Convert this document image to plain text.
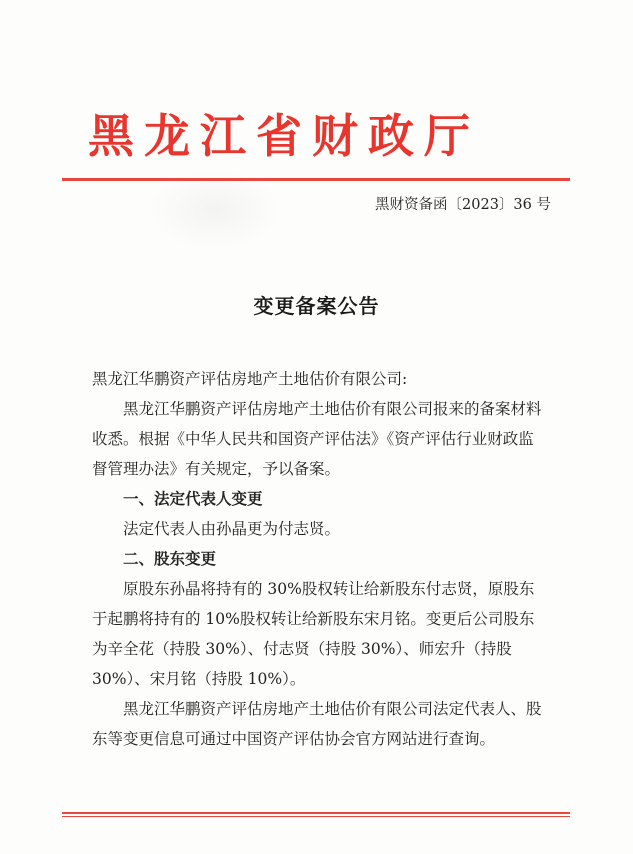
黑龙江省财政厅
黑财资备函〔2023〕36 号
变更备案公告
黑龙江华鹏资产评估房地产土地估价有限公司:

黑龙江华鹏资产评估房地产土地估价有限公司报来的备案材料收悉。根据《中华人民共和国资产评估法》《资产评估行业财政监督管理办法》有关规定，予以备案。

一、法定代表人变更

法定代表人由孙晶更为付志贤。

二、股东变更

原股东孙晶将持有的 30%股权转让给新股东付志贤，原股东于起鹏将持有的 10%股权转让给新股东宋月铭。变更后公司股东为辛全花（持股 30%）、付志贤（持股 30%）、师宏升（持股 30%）、宋月铭（持股 10%）。

黑龙江华鹏资产评估房地产土地估价有限公司法定代表人、股东等变更信息可通过中国资产评估协会官方网站进行查询。
